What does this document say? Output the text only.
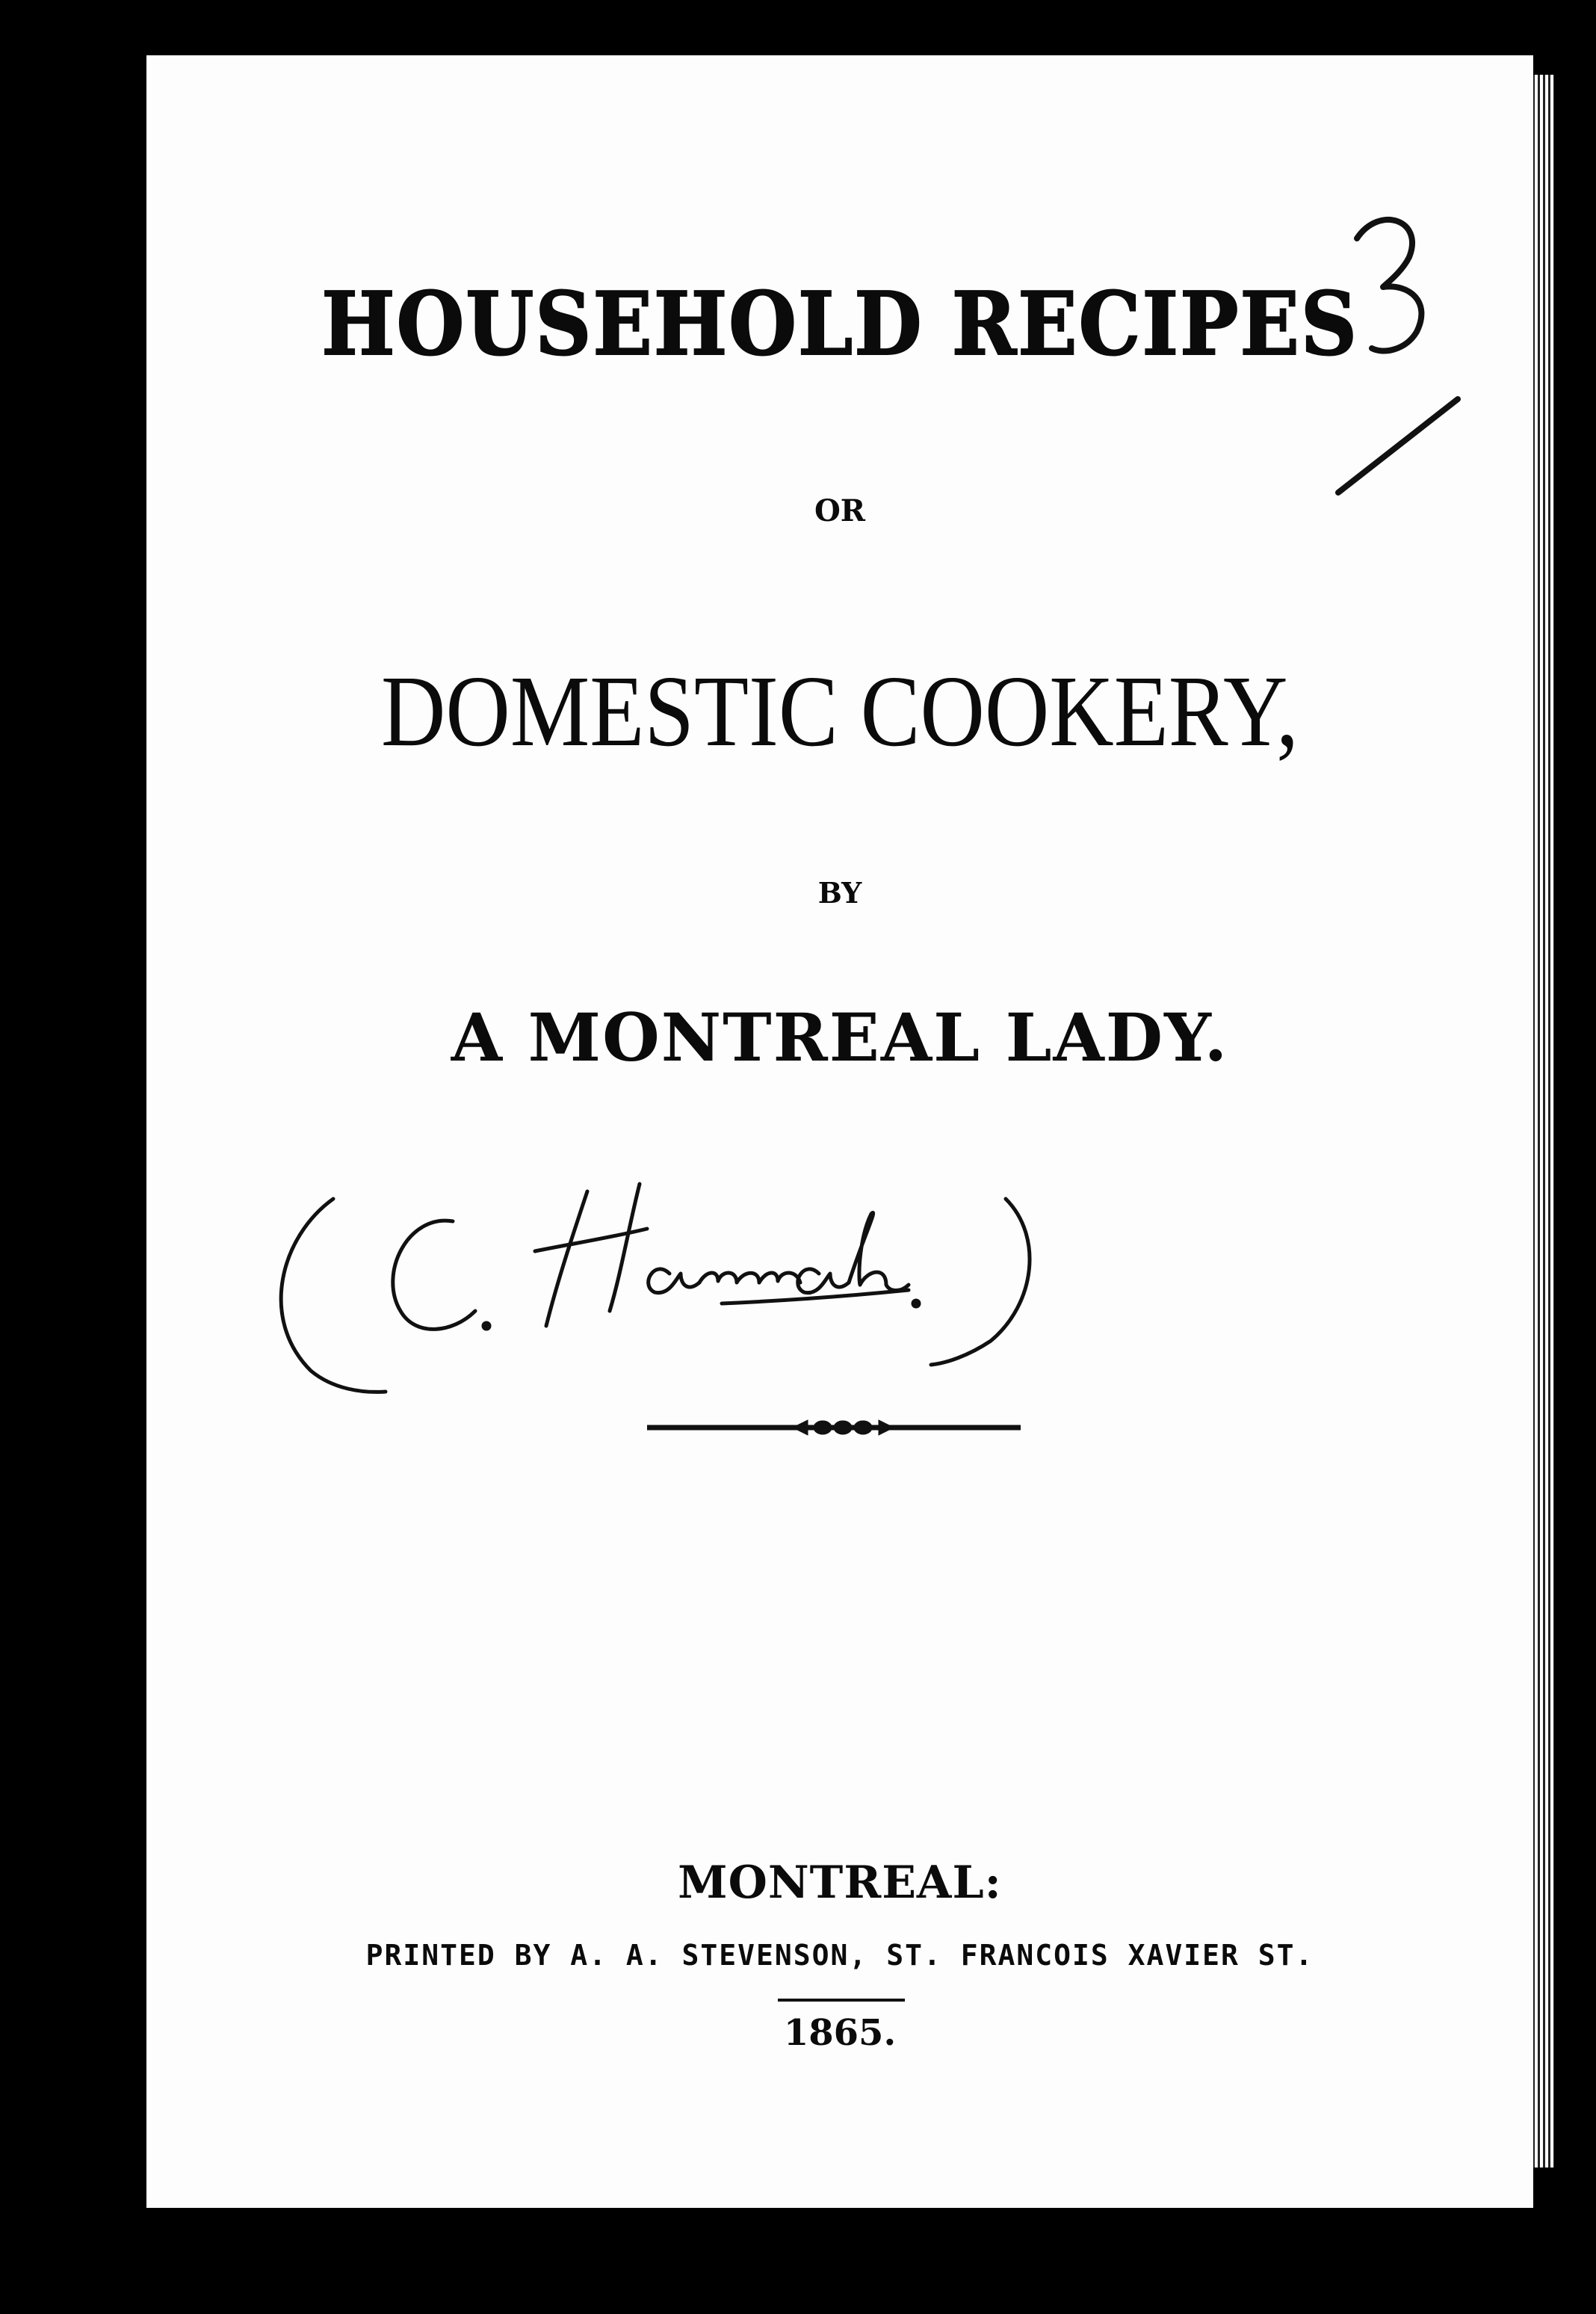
HOUSEHOLD RECIPES
OR
DOMESTIC COOKERY,
BY
A MONTREAL LADY.
MONTREAL:
PRINTED BY A. A. STEVENSON, ST. FRANCOIS XAVIER ST.
1865.
